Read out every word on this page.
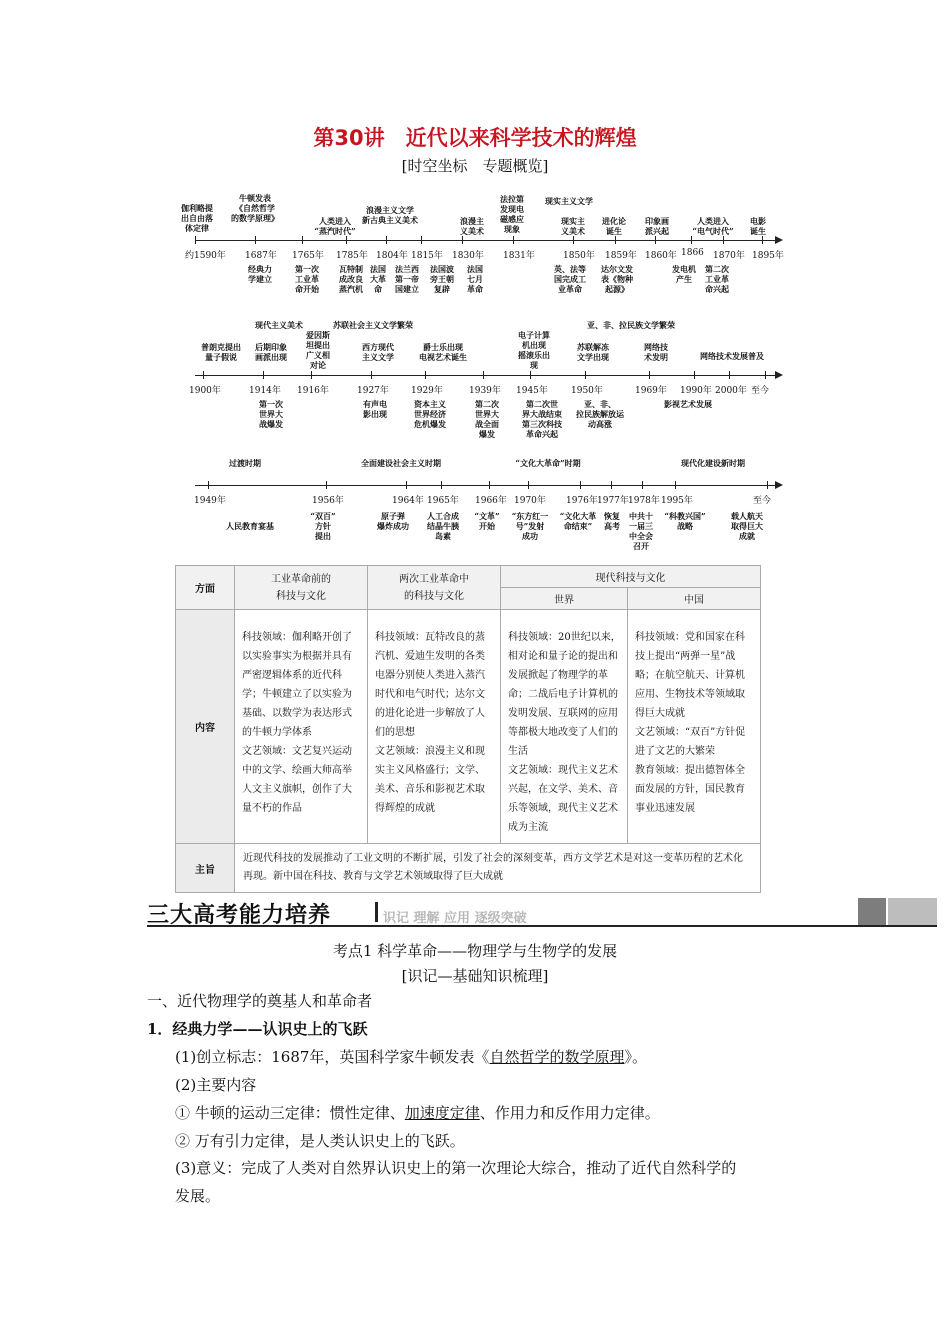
第30讲　近代以来科学技术的辉煌
[时空坐标　专题概览]
约1590年 1687年 1765年 1785年 1804年 1815年 1830年 1831年	1850年 1859年 1860年 1866 1870年 1895年
伽利略提
出自由落
体定律
牛顿发表
《自然哲学
的数学原理》	人类进入
“蒸汽时代”
浪漫主义文学
新古典主义美术	浪漫主
义美术
法拉第
发现电
磁感应
现象
现实主义文学
现实主
义美术
进化论
诞生
印象画
派兴起
人类进入
“电气时代”
电影
诞生
经典力
学建立
第一次
工业革
命开始
瓦特制
成改良
蒸汽机
法国
大革
命
法兰西
第一帝
国建立
法国波
旁王朝
复辟
法国
七月
革命
英、法等
国完成工
业革命
达尔文发
表《物种
起源》
发电机
产生
第二次
工业革
命兴起
1900年	1914年 1916年	1927年 1929年	1939年 1945年	1950年	1969年 1990年 2000年 至今
普朗克提出
量子假说
现代主义美术
后期印象
画派出现
爱因斯
坦提出
广义相
对论
苏联社会主义文学繁荣
西方现代
主义文学
爵士乐出现
电视艺术诞生
电子计算
机出现
摇滚乐出
现
亚、非、拉民族文学繁荣
苏联解冻
文学出现
网络技
术发明	网络技术发展普及
第一次
世界大
战爆发
有声电
影出现
资本主义
世界经济
危机爆发
第二次
世界大
战全面
爆发
第二次世
界大战结束
第三次科技
革命兴起
亚、非、
拉民族解放运
动高涨
影视艺术发展
过渡时期	全面建设社会主义时期	“文化大革命”时期	现代化建设新时期
1949年	1956年	1964年 1965年 1966年 1970年 1976年 1977年 1978年 1995年	至今
人民教育宴基
“双百”
方针
提出
原子弹
爆炸成功
人工合成
结晶牛胰
岛素
“文革”
开始
“东方红一
号”发射
成功
“文化大革
命结束”
恢复
高考
中共十
一届三
中全会
召开
“科教兴国”
战略
载人航天
取得巨大
成就
方面	工业革命前的
科技与文化	两次工业革命中
的科技与文化	现代科技与文化	
			世界	中国
内容	科技领域：伽利略开创了以实验事实为根据并具有严密逻辑体系的近代科学；牛顿建立了以实验为基础、以数学为表达形式的牛顿力学体系
文艺领域：文艺复兴运动中的文学、绘画大师高举人文主义旗帜，创作了大量不朽的作品	科技领域：瓦特改良的蒸汽机、爱迪生发明的各类电器分别使人类进入蒸汽时代和电气时代；达尔文的进化论进一步解放了人们的思想
文艺领域：浪漫主义和现实主义风格盛行；文学、美术、音乐和影视艺术取得辉煌的成就	科技领域：20世纪以来，相对论和量子论的提出和发展掀起了物理学的革命；二战后电子计算机的发明发展、互联网的应用等都极大地改变了人们的生活
文艺领域：现代主义艺术兴起，在文学、美术、音乐等领域，现代主义艺术成为主流	科技领域：党和国家在科技上提出“两弹一星”战略；在航空航天、计算机应用、生物技术等领域取得巨大成就
文艺领域：“双百”方针促进了文艺的大繁荣
教育领域：提出德智体全面发展的方针，国民教育事业迅速发展
主旨	近现代科技的发展推动了工业文明的不断扩展，引发了社会的深刻变革，西方文学艺术是对这一变革历程的艺术化再现。新中国在科技、教育与文学艺术领域取得了巨大成就			
三大高考能力培养	识记 理解 应用 逐级突破
考点1 科学革命——物理学与生物学的发展
[识记—基础知识梳理]
一、近代物理学的奠基人和革命者
1．经典力学——认识史上的飞跃
(1)创立标志：1687年，英国科学家牛顿发表《自然哲学的数学原理》。
(2)主要内容
① 牛顿的运动三定律：惯性定律、加速度定律、作用力和反作用力定律。
② 万有引力定律，是人类认识史上的飞跃。
(3)意义：完成了人类对自然界认识史上的第一次理论大综合，推动了近代自然科学的
发展。
